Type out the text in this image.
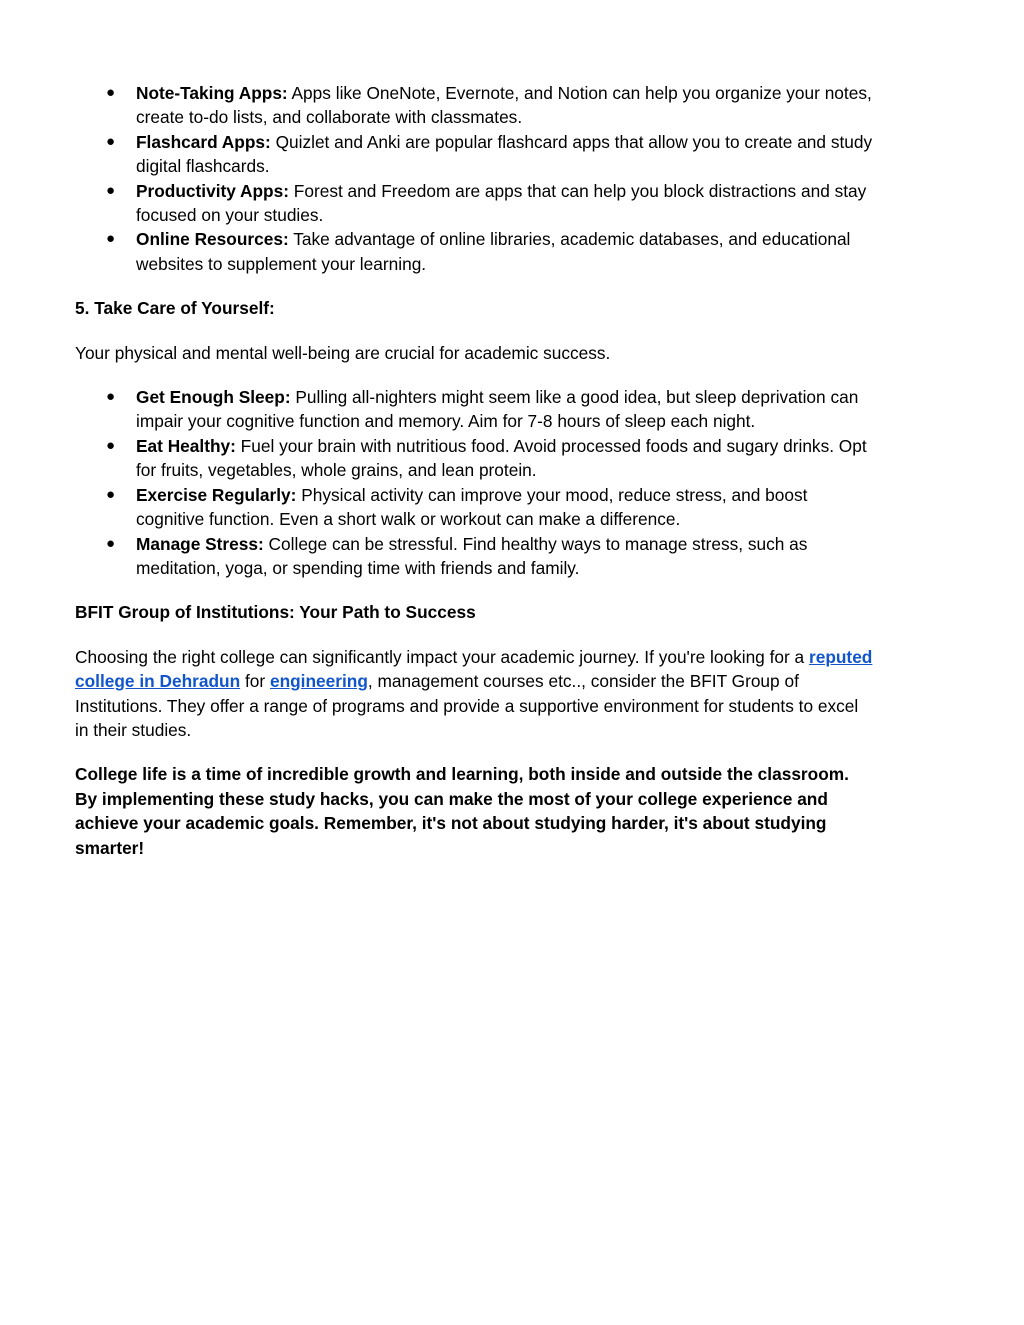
● Note-Taking Apps: Apps like OneNote, Evernote, and Notion can help you organize your notes, create to-do lists, and collaborate with classmates.
● Flashcard Apps: Quizlet and Anki are popular flashcard apps that allow you to create and study digital flashcards.
● Productivity Apps: Forest and Freedom are apps that can help you block distractions and stay focused on your studies.
● Online Resources: Take advantage of online libraries, academic databases, and educational websites to supplement your learning.

5. Take Care of Yourself:

Your physical and mental well-being are crucial for academic success.

● Get Enough Sleep: Pulling all-nighters might seem like a good idea, but sleep deprivation can impair your cognitive function and memory. Aim for 7-8 hours of sleep each night.
● Eat Healthy: Fuel your brain with nutritious food. Avoid processed foods and sugary drinks. Opt for fruits, vegetables, whole grains, and lean protein.
● Exercise Regularly: Physical activity can improve your mood, reduce stress, and boost cognitive function. Even a short walk or workout can make a difference.
● Manage Stress: College can be stressful. Find healthy ways to manage stress, such as meditation, yoga, or spending time with friends and family.

BFIT Group of Institutions: Your Path to Success

Choosing the right college can significantly impact your academic journey. If you're looking for a reputed college in Dehradun for engineering, management courses etc.., consider the BFIT Group of Institutions. They offer a range of programs and provide a supportive environment for students to excel in their studies.

College life is a time of incredible growth and learning, both inside and outside the classroom. By implementing these study hacks, you can make the most of your college experience and achieve your academic goals. Remember, it's not about studying harder, it's about studying smarter!
